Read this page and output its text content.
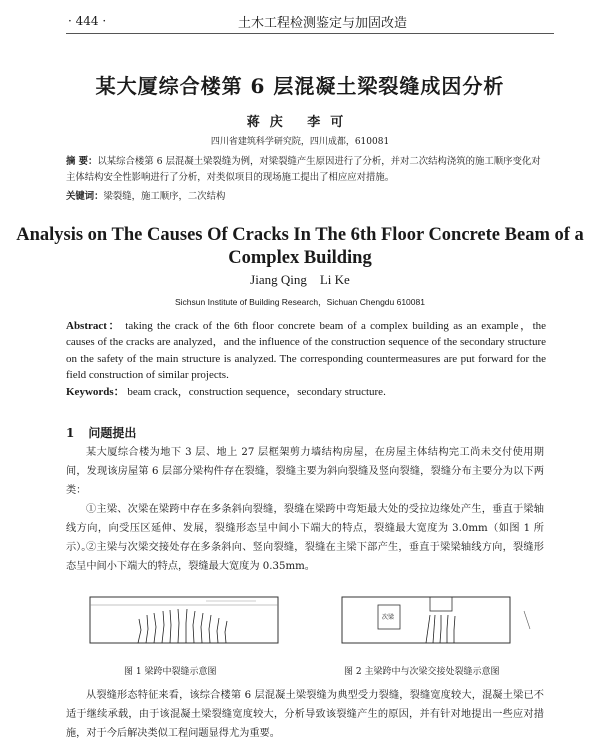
· 444 ·	土木工程检测鉴定与加固改造
某大厦综合楼第 6 层混凝土梁裂缝成因分析
蒋庆 李可
四川省建筑科学研究院，四川成都，610081
摘 要：以某综合楼第 6 层混凝土梁裂缝为例，对梁裂缝产生原因进行了分析，并对二次结构浇筑的施工顺序变化对主体结构安全性影响进行了分析，对类似项目的现场施工提出了相应应对措施。
关键词：梁裂缝，施工顺序，二次结构
Analysis on The Causes Of Cracks In The 6th Floor Concrete Beam of a Complex Building
Jiang Qing    Li Ke
Sichsun Institute of Building Research，Sichuan Chengdu 610081
Abstract： taking the crack of the 6th floor concrete beam of a complex building as an example，the causes of the cracks are analyzed，and the influence of the construction sequence of the secondary structure on the safety of the main structure is analyzed. The corresponding countermeasures are put forward for the field construction of similar projects.
Keywords： beam crack，construction sequence，secondary structure.
1 问题提出
某大厦综合楼为地下 3 层、地上 27 层框架剪力墙结构房屋，在房屋主体结构完工尚未交付使用期间，发现该房屋第 6 层部分梁构件存在裂缝，裂缝主要为斜向裂缝及竖向裂缝，裂缝分布主要分为以下两类：
①主梁、次梁在梁跨中存在多条斜向裂缝，裂缝在梁跨中弯矩最大处的受拉边缘处产生，垂直于梁轴线方向，向受压区延伸、发展，裂缝形态呈中间小下端大的特点，裂缝最大宽度为 3.0mm（如图 1 所示）。
②主梁与次梁交接处存在多条斜向、竖向裂缝，裂缝在主梁下部产生，垂直于梁梁轴线方向，裂缝形态呈中间小下端大的特点，裂缝最大宽度为 0.35mm。
次梁
图 1 梁跨中裂缝示意图	图 2 主梁跨中与次梁交接处裂缝示意图
从裂缝形态特征来看，该综合楼第 6 层混凝土梁裂缝为典型受力裂缝，裂缝宽度较大，混凝土梁已不适于继续承载，由于该混凝土梁裂缝宽度较大，分析导致该裂缝产生的原因，并有针对地提出一些应对措施，对于今后解决类似工程问题显得尤为重要。
